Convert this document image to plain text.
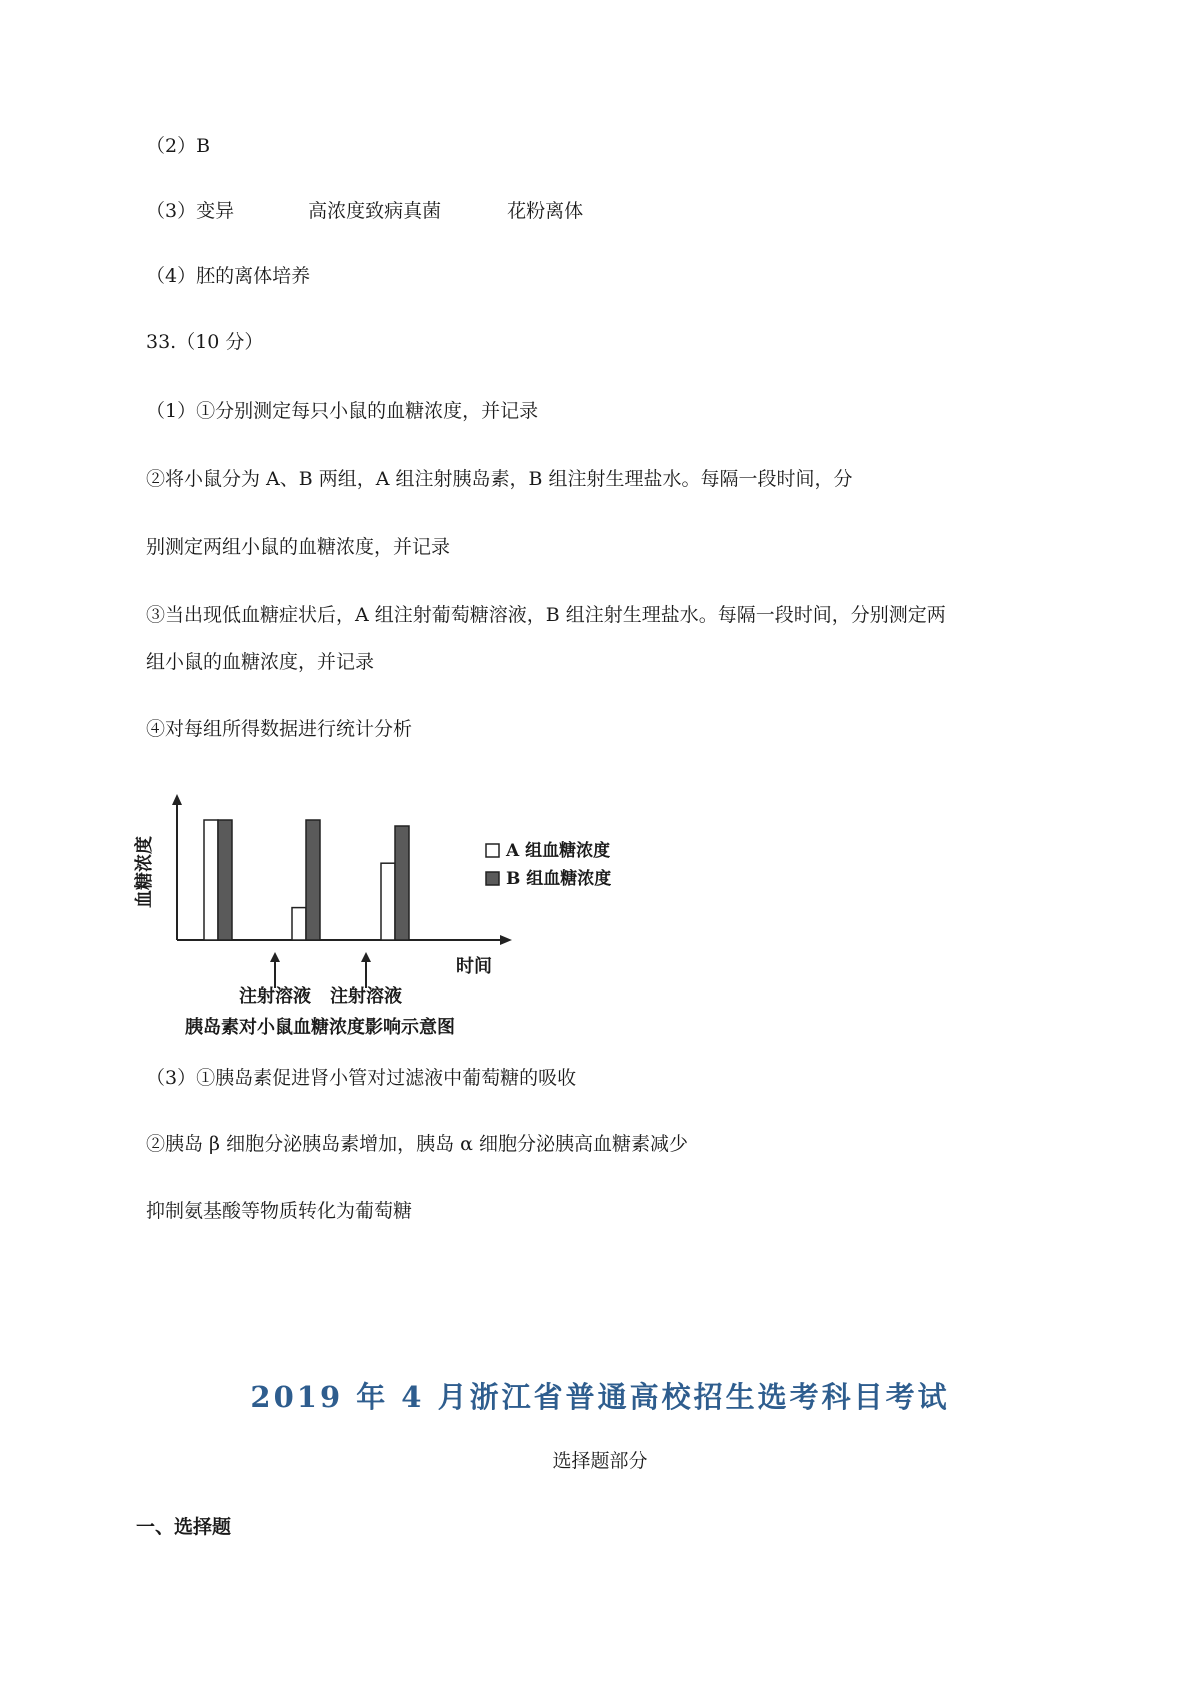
（2）B
（3）变异	高浓度致病真菌	花粉离体
（4）胚的离体培养
33.（10 分）
（1）①分别测定每只小鼠的血糖浓度，并记录
②将小鼠分为 A、B 两组，A 组注射胰岛素，B 组注射生理盐水。每隔一段时间，分
别测定两组小鼠的血糖浓度，并记录
③当出现低血糖症状后，A 组注射葡萄糖溶液，B 组注射生理盐水。每隔一段时间，分别测定两
组小鼠的血糖浓度，并记录
④对每组所得数据进行统计分析
血糖浓度
时间
注射溶液 注射溶液
胰岛素对小鼠血糖浓度影响示意图
A 组血糖浓度
B 组血糖浓度
（3）①胰岛素促进肾小管对过滤液中葡萄糖的吸收
②胰岛 β 细胞分泌胰岛素增加，胰岛 α 细胞分泌胰高血糖素减少
抑制氨基酸等物质转化为葡萄糖
2019 年 4 月浙江省普通高校招生选考科目考试
选择题部分
一、选择题
